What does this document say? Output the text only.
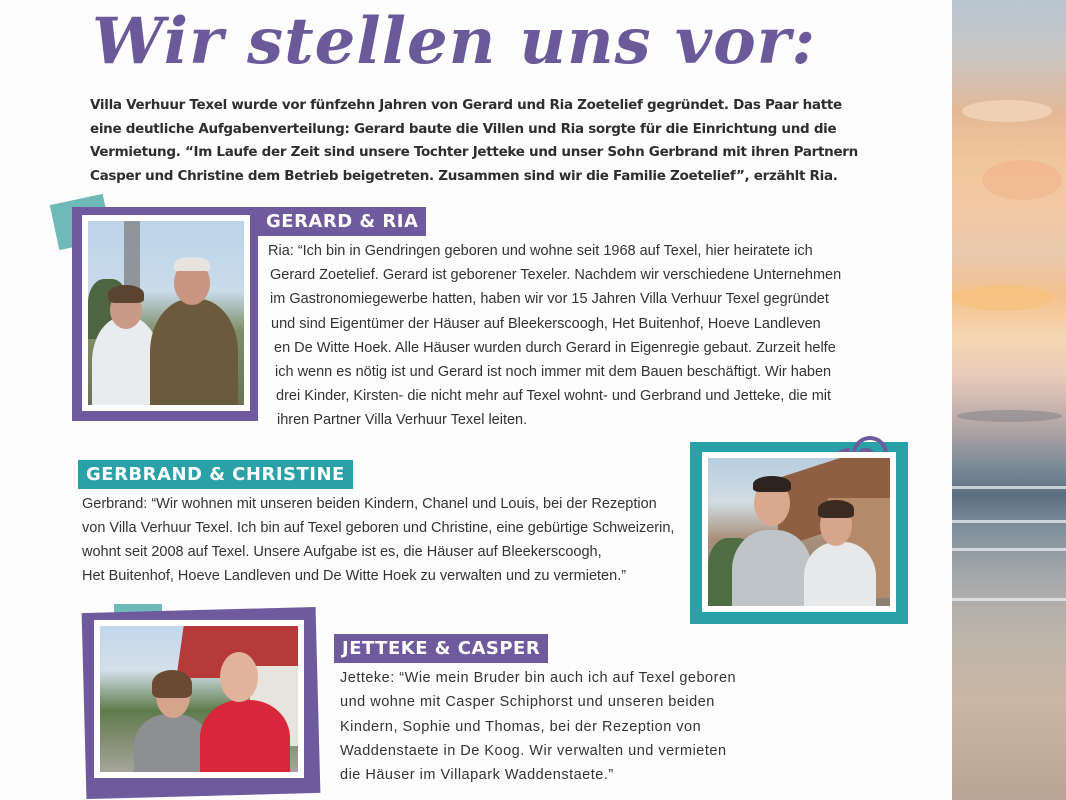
Wir stellen uns vor:

Villa Verhuur Texel wurde vor fünfzehn Jahren von Gerard und Ria Zoetelief gegründet. Das Paar hatte
eine deutliche Aufgabenverteilung: Gerard baute die Villen und Ria sorgte für die Einrichtung und die
Vermietung. “Im Laufe der Zeit sind unsere Tochter Jetteke und unser Sohn Gerbrand mit ihren Partnern
Casper und Christine dem Betrieb beigetreten. Zusammen sind wir die Familie Zoetelief”, erzählt Ria.

GERARD & RIA
Ria: “Ich bin in Gendringen geboren und wohne seit 1968 auf Texel, hier heiratete ich
Gerard Zoetelief. Gerard ist geborener Texeler. Nachdem wir verschiedene Unternehmen
im Gastronomiegewerbe hatten, haben wir vor 15 Jahren Villa Verhuur Texel gegründet
und sind Eigentümer der Häuser auf Bleekerscoogh, Het Buitenhof, Hoeve Landleven
en De Witte Hoek. Alle Häuser wurden durch Gerard in Eigenregie gebaut. Zurzeit helfe
ich wenn es nötig ist und Gerard ist noch immer mit dem Bauen beschäftigt. Wir haben
drei Kinder, Kirsten- die nicht mehr auf Texel wohnt- und Gerbrand und Jetteke, die mit
ihren Partner Villa Verhuur Texel leiten.
GERBRAND & CHRISTINE
Gerbrand: “Wir wohnen mit unseren beiden Kindern, Chanel und Louis, bei der Rezeption
von Villa Verhuur Texel. Ich bin auf Texel geboren und Christine, eine gebürtige Schweizerin,
wohnt seit 2008 auf Texel. Unsere Aufgabe ist es, die Häuser auf Bleekerscoogh,
Het Buitenhof, Hoeve Landleven und De Witte Hoek zu verwalten und zu vermieten.”
JETTEKE & CASPER
Jetteke: “Wie mein Bruder bin auch ich auf Texel geboren
und wohne mit Casper Schiphorst und unseren beiden
Kindern, Sophie und Thomas, bei der Rezeption von
Waddenstaete in De Koog. Wir verwalten und vermieten
die Häuser im Villapark Waddenstaete.”
